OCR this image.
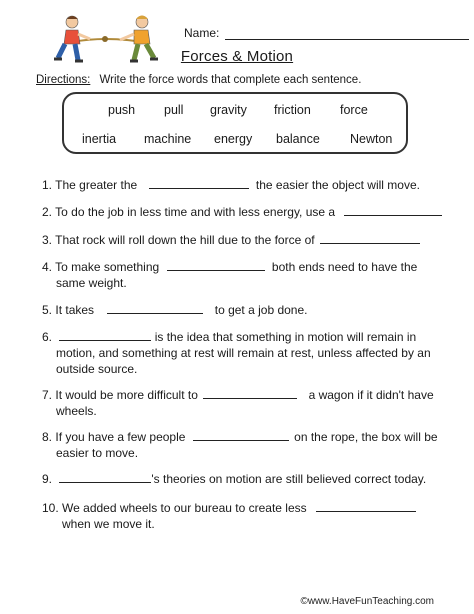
Name:
Forces & Motion
Directions: Write the force words that complete each sentence.
push pull gravity friction force
inertia machine energy balance Newton
1. The greater the	the easier the object will move.
2. To do the job in less time and with less energy, use a
3. That rock will roll down the hill due to the force of
4. To make something	both ends need to have the
same weight.
5. It takes	to get a job done.
6.	is the idea that something in motion will remain in
motion, and something at rest will remain at rest, unless affected by an
outside source.
7. It would be more difficult to	a wagon if it didn't have
wheels.
8. If you have a few people	on the rope, the box will be
easier to move.
9.	's theories on motion are still believed correct today.
10. We added wheels to our bureau to create less
when we move it.
©www.HaveFunTeaching.com
